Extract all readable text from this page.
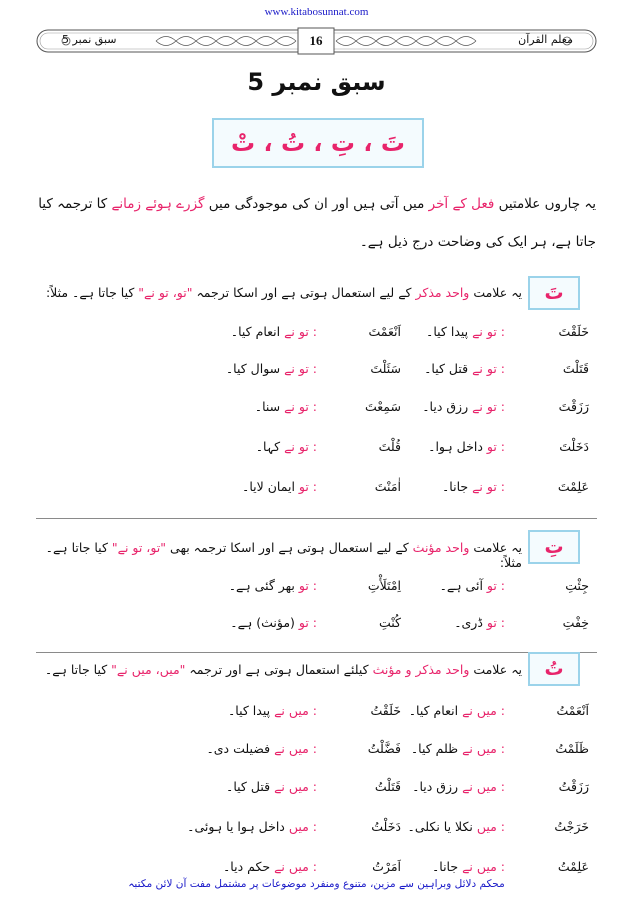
www.kitabosunnat.com
سبق نمبر 5	16	معلم القرآن
سبق نمبر 5
تَ ، تِ ، تُ ، تْ
یہ چاروں علامتیں فعل کے آخر میں آتی ہیں اور ان کی موجودگی میں گزرے ہوئے زمانے کا ترجمہ کیا
جاتا ہے، ہر ایک کی وضاحت درج ذیل ہے۔
تَ
یہ علامت واحد مذکر کے لیے استعمال ہوتی ہے اور اسکا ترجمہ "تو، تو نے" کیا جاتا ہے۔ مثلاً:
خَلَقْتَ : تو نے پیدا کیا۔
اَنْعَمْتَ : تو نے انعام کیا۔
قَتَلْتَ : تو نے قتل کیا۔
سَئَلْتَ : تو نے سوال کیا۔
رَزَقْتَ : تو نے رزق دیا۔
سَمِعْتَ : تو نے سنا۔
دَخَلْتَ : تو داخل ہوا۔
قُلْتَ : تو نے کہا۔
عَلِمْتَ : تو نے جانا۔
اٰمَنْتَ : تو ایمان لایا۔
تِ
یہ علامت واحد مؤنث کے لیے استعمال ہوتی ہے اور اسکا ترجمہ بھی "تو، تو نے" کیا جاتا ہے۔ مثلاً:
جِئْتِ : تو آئی ہے۔
اِمْتَلَأْتِ : تو بھر گئی ہے۔
خِفْتِ : تو ڈری۔
كُنْتِ : تو (مؤنث) ہے۔
تُ
یہ علامت واحد مذکر و مؤنث کیلئے استعمال ہوتی ہے اور ترجمہ "میں، میں نے" کیا جاتا ہے۔
اَنْعَمْتُ : میں نے انعام کیا۔
خَلَقْتُ : میں نے پیدا کیا۔
ظَلَمْتُ : میں نے ظلم کیا۔
فَضَّلْتُ : میں نے فضیلت دی۔
رَزَقْتُ : میں نے رزق دیا۔
قَتَلْتُ : میں نے قتل کیا۔
خَرَجْتُ : میں نکلا یا نکلی۔
دَخَلْتُ : میں داخل ہوا یا ہوئی۔
عَلِمْتُ : میں نے جانا۔
اَمَرْتُ : میں نے حکم دیا۔
محکم دلائل وبراہین سے مزین، متنوع ومنفرد موضوعات پر مشتمل مفت آن لائن مکتبہ
